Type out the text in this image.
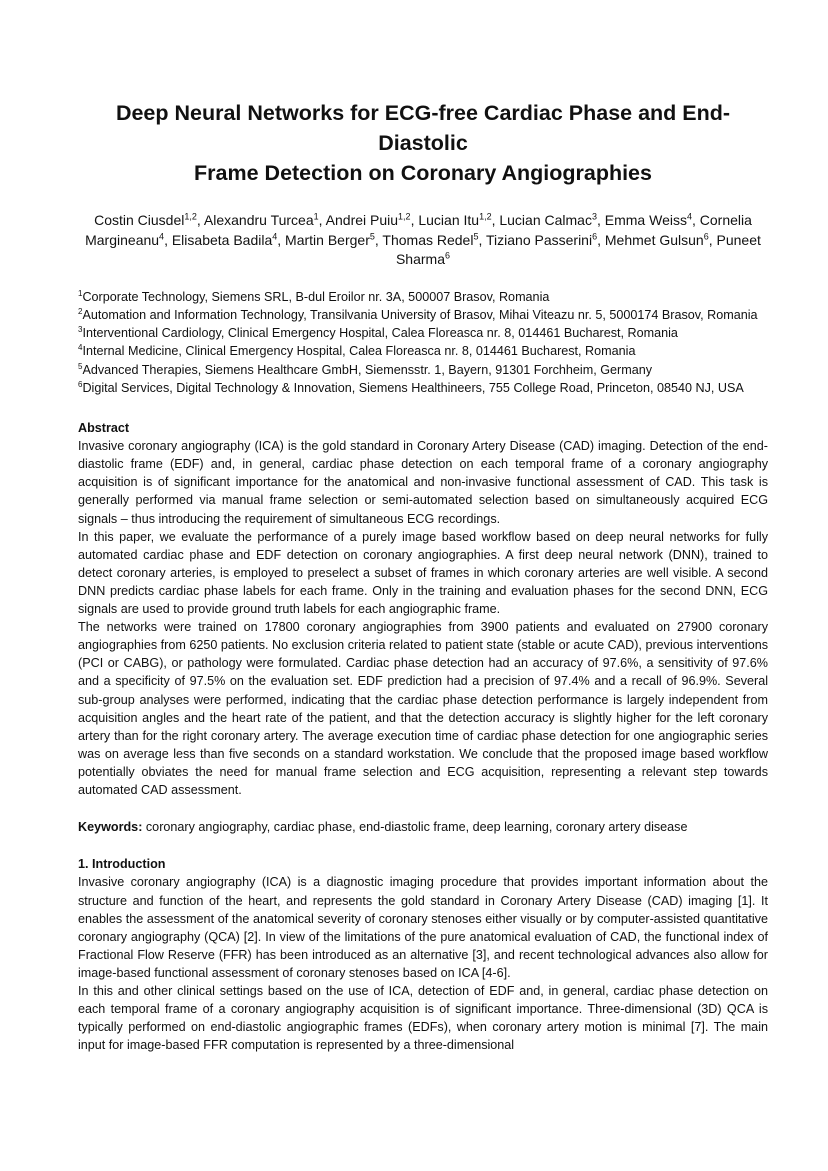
Deep Neural Networks for ECG-free Cardiac Phase and End-Diastolic
Frame Detection on Coronary Angiographies

Costin Ciusdel$^{1,2}$, Alexandru Turcea$^1$, Andrei Puiu$^{1,2}$, Lucian Itu$^{1,2}$, Lucian Calmac$^3$, Emma Weiss$^4$, Cornelia Margineanu$^4$, Elisabeta Badila$^4$, Martin Berger$^5$, Thomas Redel$^5$, Tiziano Passerini$^6$, Mehmet Gulsun$^6$, Puneet Sharma$^6$

$^1$Corporate Technology, Siemens SRL, B-dul Eroilor nr. 3A, 500007 Brasov, Romania
$^2$Automation and Information Technology, Transilvania University of Brasov, Mihai Viteazu nr. 5, 5000174 Brasov, Romania
$^3$Interventional Cardiology, Clinical Emergency Hospital, Calea Floreasca nr. 8, 014461 Bucharest, Romania
$^4$Internal Medicine, Clinical Emergency Hospital, Calea Floreasca nr. 8, 014461 Bucharest, Romania
$^5$Advanced Therapies, Siemens Healthcare GmbH, Siemensstr. 1, Bayern, 91301 Forchheim, Germany
$^6$Digital Services, Digital Technology & Innovation, Siemens Healthineers, 755 College Road, Princeton, 08540 NJ, USA
Abstract

Invasive coronary angiography (ICA) is the gold standard in Coronary Artery Disease (CAD) imaging. Detection of the end-diastolic frame (EDF) and, in general, cardiac phase detection on each temporal frame of a coronary angiography acquisition is of significant importance for the anatomical and non-invasive functional assessment of CAD. This task is generally performed via manual frame selection or semi-automated selection based on simultaneously acquired ECG signals – thus introducing the requirement of simultaneous ECG recordings.

In this paper, we evaluate the performance of a purely image based workflow based on deep neural networks for fully automated cardiac phase and EDF detection on coronary angiographies. A first deep neural network (DNN), trained to detect coronary arteries, is employed to preselect a subset of frames in which coronary arteries are well visible. A second DNN predicts cardiac phase labels for each frame. Only in the training and evaluation phases for the second DNN, ECG signals are used to provide ground truth labels for each angiographic frame.

The networks were trained on 17800 coronary angiographies from 3900 patients and evaluated on 27900 coronary angiographies from 6250 patients. No exclusion criteria related to patient state (stable or acute CAD), previous interventions (PCI or CABG), or pathology were formulated. Cardiac phase detection had an accuracy of 97.6%, a sensitivity of 97.6% and a specificity of 97.5% on the evaluation set. EDF prediction had a precision of 97.4% and a recall of 96.9%. Several sub-group analyses were performed, indicating that the cardiac phase detection performance is largely independent from acquisition angles and the heart rate of the patient, and that the detection accuracy is slightly higher for the left coronary artery than for the right coronary artery. The average execution time of cardiac phase detection for one angiographic series was on average less than five seconds on a standard workstation. We conclude that the proposed image based workflow potentially obviates the need for manual frame selection and ECG acquisition, representing a relevant step towards automated CAD assessment.

Keywords: coronary angiography, cardiac phase, end-diastolic frame, deep learning, coronary artery disease
1. Introduction

Invasive coronary angiography (ICA) is a diagnostic imaging procedure that provides important information about the structure and function of the heart, and represents the gold standard in Coronary Artery Disease (CAD) imaging [1]. It enables the assessment of the anatomical severity of coronary stenoses either visually or by computer-assisted quantitative coronary angiography (QCA) [2]. In view of the limitations of the pure anatomical evaluation of CAD, the functional index of Fractional Flow Reserve (FFR) has been introduced as an alternative [3], and recent technological advances also allow for image-based functional assessment of coronary stenoses based on ICA [4-6].

In this and other clinical settings based on the use of ICA, detection of EDF and, in general, cardiac phase detection on each temporal frame of a coronary angiography acquisition is of significant importance. Three-dimensional (3D) QCA is typically performed on end-diastolic angiographic frames (EDFs), when coronary artery motion is minimal [7]. The main input for image-based FFR computation is represented by a three-dimensional
